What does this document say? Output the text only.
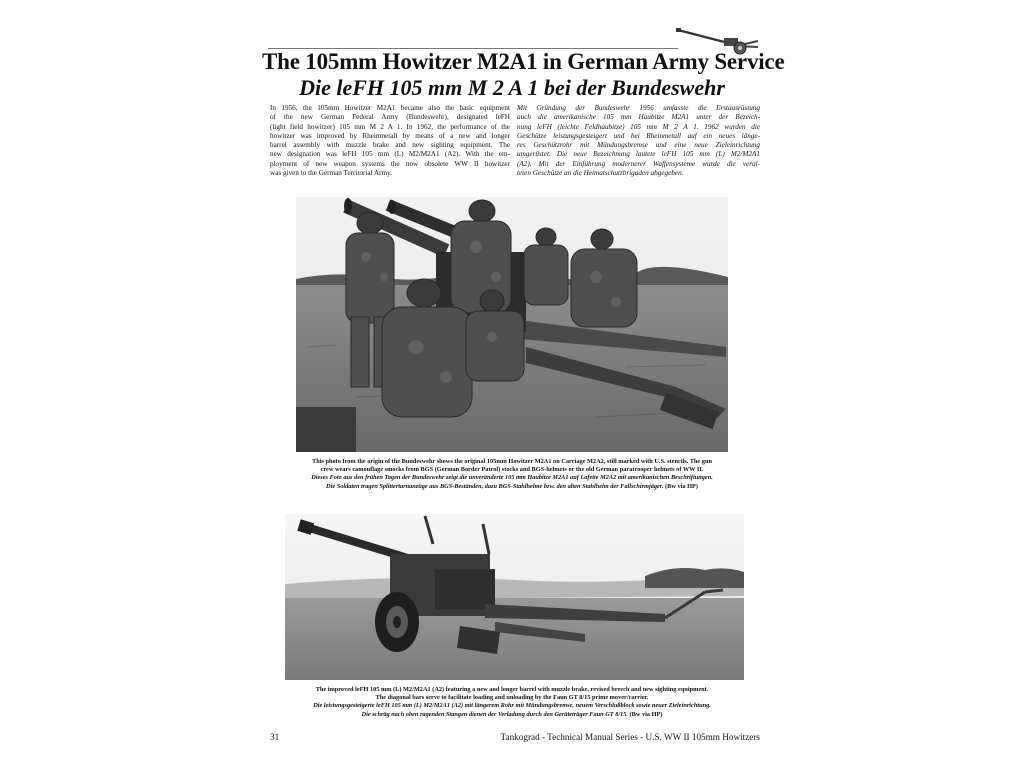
The 105mm Howitzer M2A1 in German Army Service
Die leFH 105 mm M 2 A 1 bei der Bundeswehr
In 1956, the 105mm Howitzer M2A1 became also the basic equipment
of the new German Federal Army (Bundeswehr), designated leFH
(light field howitzer) 105 mm M 2 A 1. In 1962, the performance of the
howitzer was improved by Rheinmetall by means of a new and longer
barrel assembly with muzzle brake and new sighting equipment. The
new designation was leFH 105 mm (L) M2/M2A1 (A2). With the em-
ployment of new weapon systems the now obsolete WW II howitzer
was given to the German Territorial Army.
Mit Gründung der Bundeswehr 1956 umfasste die Erstausrüstung
auch die amerikanische 105 mm Haubitze M2A1 unter der Bezeich-
nung leFH (leichte Feldhaubitze) 105 mm M 2 A 1. 1962 wurden die
Geschütze leistungsgesteigert und bei Rheinmetall auf ein neues länge-
res Geschützrohr mit Mündungsbremse und eine neue Zieleinrichtung
umgerüstet. Die neue Bezeichnung lautete leFH 105 mm (L) M2/M2A1
(A2). Mit der Einführung modernerer Waffensysteme wurde die veral-
teten Geschütze an die Heimatschutzbrigaden abgegeben.
This photo from the origin of the Bundeswehr shows the original 105mm Howitzer M2A1 on Carriage M2A2, still marked with U.S. stencils. The gun
crew wears camouflage smocks from BGS (German Border Patrol) stocks and BGS-helmets or the old German paratrooper helmets of WW II.
Dieses Foto aus den frühen Tagen der Bundeswehr zeigt die unveränderte 105 mm Haubitze M2A1 auf Lafette M2A2 mit amerikanischen Beschriftungen.
Die Soldaten tragen Splittertarnanzüge aus BGS-Beständen, dazu BGS-Stahlhelme bzw. den alten Stahlhelm der Fallschirmjäger. (Bw via HP)
The improved leFH 105 mm (L) M2/M2A1 (A2) featuring a new and longer barrel with muzzle brake, revised breech and new sighting equipment.
The diagonal bars serve to facilitate loading and unloading by the Faun GT 8/15 prime mover/carrier.
Die leistungsgesteigerte leFH 105 mm (L) M2/M2A1 (A2) mit längerem Rohr mit Mündungsbremse, neuem Verschlußblock sowie neuer Zieleinrichtung.
Die schräg nach oben ragenden Stangen dienen der Verladung durch den Geräteträger Faun GT 8/15. (Bw via HP)
31	Tankograd - Technical Manual Series - U.S. WW II 105mm Howitzers
